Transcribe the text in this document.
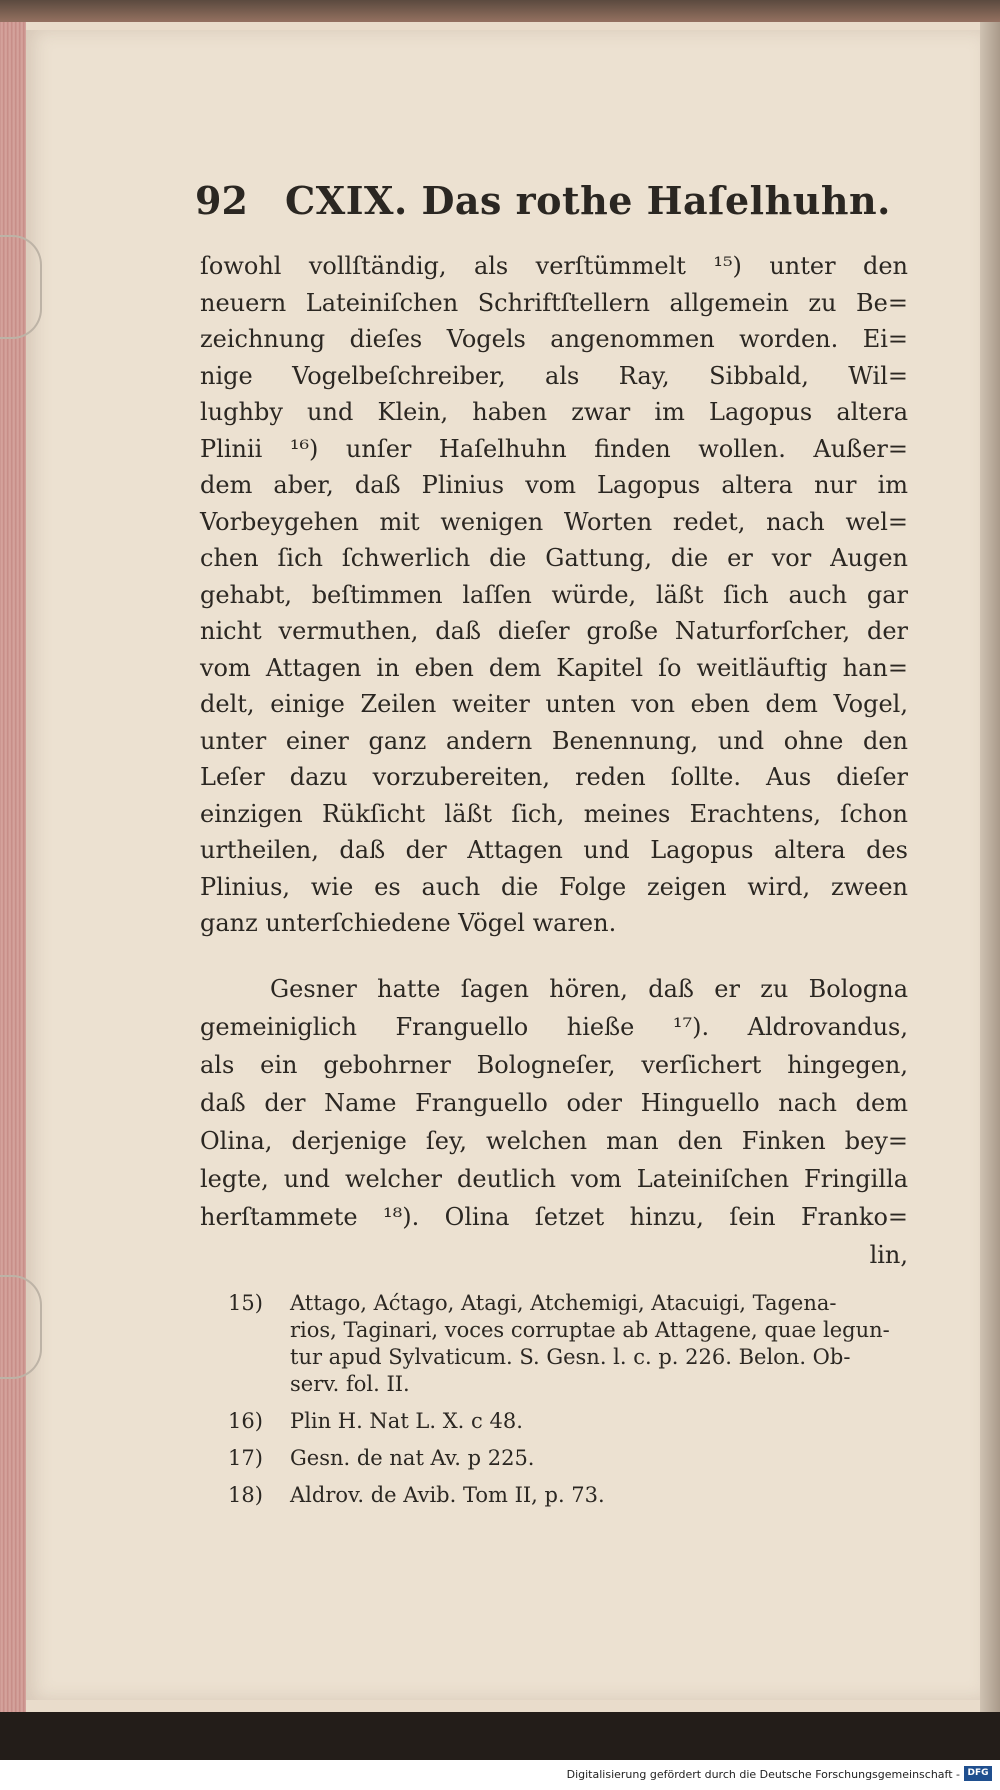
92 CXIX. Das rothe Haſelhuhn.
ſowohl vollſtändig, als verſtümmelt ¹⁵) unter den
neuern Lateiniſchen Schriftſtellern allgemein zu Be=
zeichnung dieſes Vogels angenommen worden. Ei=
nige Vogelbeſchreiber, als Ray, Sibbald, Wil=
lughby und Klein, haben zwar im Lagopus altera
Plinii ¹⁶) unſer Haſelhuhn finden wollen. Außer=
dem aber, daß Plinius vom Lagopus altera nur im
Vorbeygehen mit wenigen Worten redet, nach wel=
chen ſich ſchwerlich die Gattung, die er vor Augen
gehabt, beſtimmen laſſen würde, läßt ſich auch gar
nicht vermuthen, daß dieſer große Naturforſcher, der
vom Attagen in eben dem Kapitel ſo weitläuftig han=
delt, einige Zeilen weiter unten von eben dem Vogel,
unter einer ganz andern Benennung, und ohne den
Leſer dazu vorzubereiten, reden ſollte. Aus dieſer
einzigen Rükſicht läßt ſich, meines Erachtens, ſchon
urtheilen, daß der Attagen und Lagopus altera des
Plinius, wie es auch die Folge zeigen wird, zween
ganz unterſchiedene Vögel waren.
Gesner hatte ſagen hören, daß er zu Bologna
gemeiniglich Franguello hieße ¹⁷). Aldrovandus,
als ein gebohrner Bologneſer, verſichert hingegen,
daß der Name Franguello oder Hinguello nach dem
Olina, derjenige ſey, welchen man den Finken bey=
legte, und welcher deutlich vom Lateiniſchen Fringilla
herſtammete ¹⁸). Olina ſetzet hinzu, ſein Franko=
lin,
15) Attago, Aćtago, Atagi, Atchemigi, Atacuigi, Tagena-
rios, Taginari, voces corruptae ab Attagene, quae legun-
tur apud Sylvaticum. S. Gesn. l. c. p. 226. Belon. Ob-
serv. fol. II.
16) Plin H. Nat L. X. c 48.
17) Gesn. de nat Av. p 225.
18) Aldrov. de Avib. Tom II, p. 73.
Digitalisierung gefördert durch die Deutsche Forschungsgemeinschaft - DFG
